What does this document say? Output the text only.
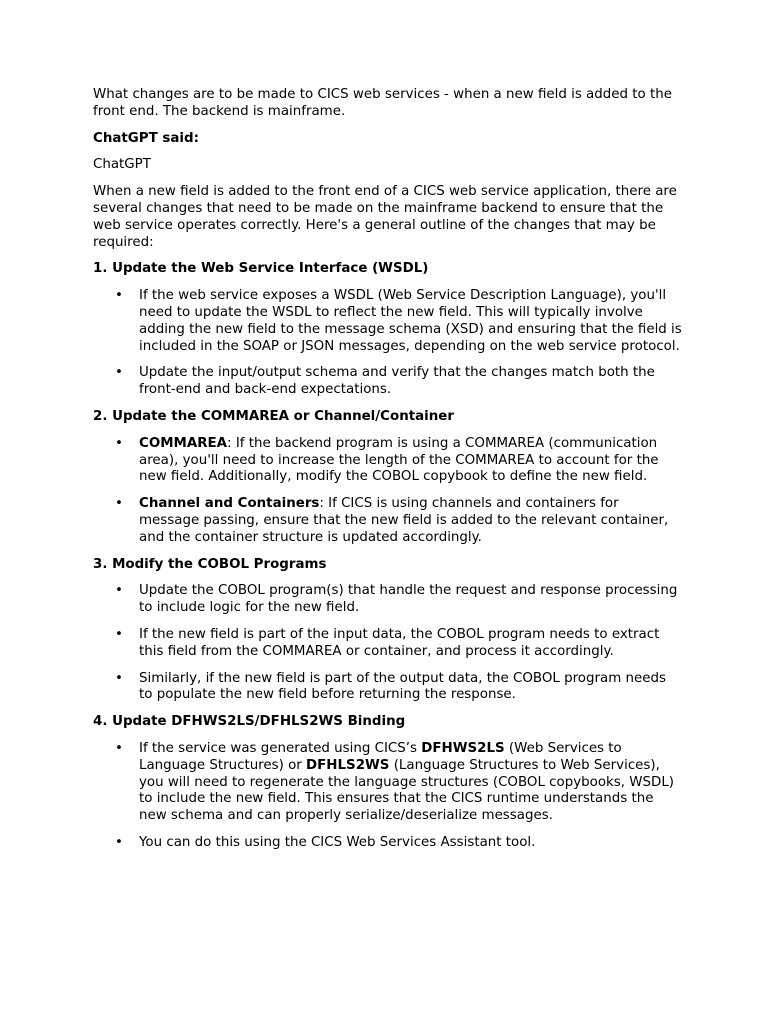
What changes are to be made to CICS web services - when a new field is added to the front end. The backend is mainframe.

ChatGPT said:

ChatGPT

When a new field is added to the front end of a CICS web service application, there are several changes that need to be made on the mainframe backend to ensure that the web service operates correctly. Here's a general outline of the changes that may be required:

1. Update the Web Service Interface (WSDL)
• If the web service exposes a WSDL (Web Service Description Language), you'll need to update the WSDL to reflect the new field. This will typically involve adding the new field to the message schema (XSD) and ensuring that the field is included in the SOAP or JSON messages, depending on the web service protocol.
• Update the input/output schema and verify that the changes match both the front-end and back-end expectations.
2. Update the COMMAREA or Channel/Container
• COMMAREA: If the backend program is using a COMMAREA (communication area), you'll need to increase the length of the COMMAREA to account for the new field. Additionally, modify the COBOL copybook to define the new field.
• Channel and Containers: If CICS is using channels and containers for message passing, ensure that the new field is added to the relevant container, and the container structure is updated accordingly.
3. Modify the COBOL Programs
• Update the COBOL program(s) that handle the request and response processing to include logic for the new field.
• If the new field is part of the input data, the COBOL program needs to extract this field from the COMMAREA or container, and process it accordingly.
• Similarly, if the new field is part of the output data, the COBOL program needs to populate the new field before returning the response.
4. Update DFHWS2LS/DFHLS2WS Binding
• If the service was generated using CICS’s DFHWS2LS (Web Services to Language Structures) or DFHLS2WS (Language Structures to Web Services), you will need to regenerate the language structures (COBOL copybooks, WSDL) to include the new field. This ensures that the CICS runtime understands the new schema and can properly serialize/deserialize messages.
• You can do this using the CICS Web Services Assistant tool.
